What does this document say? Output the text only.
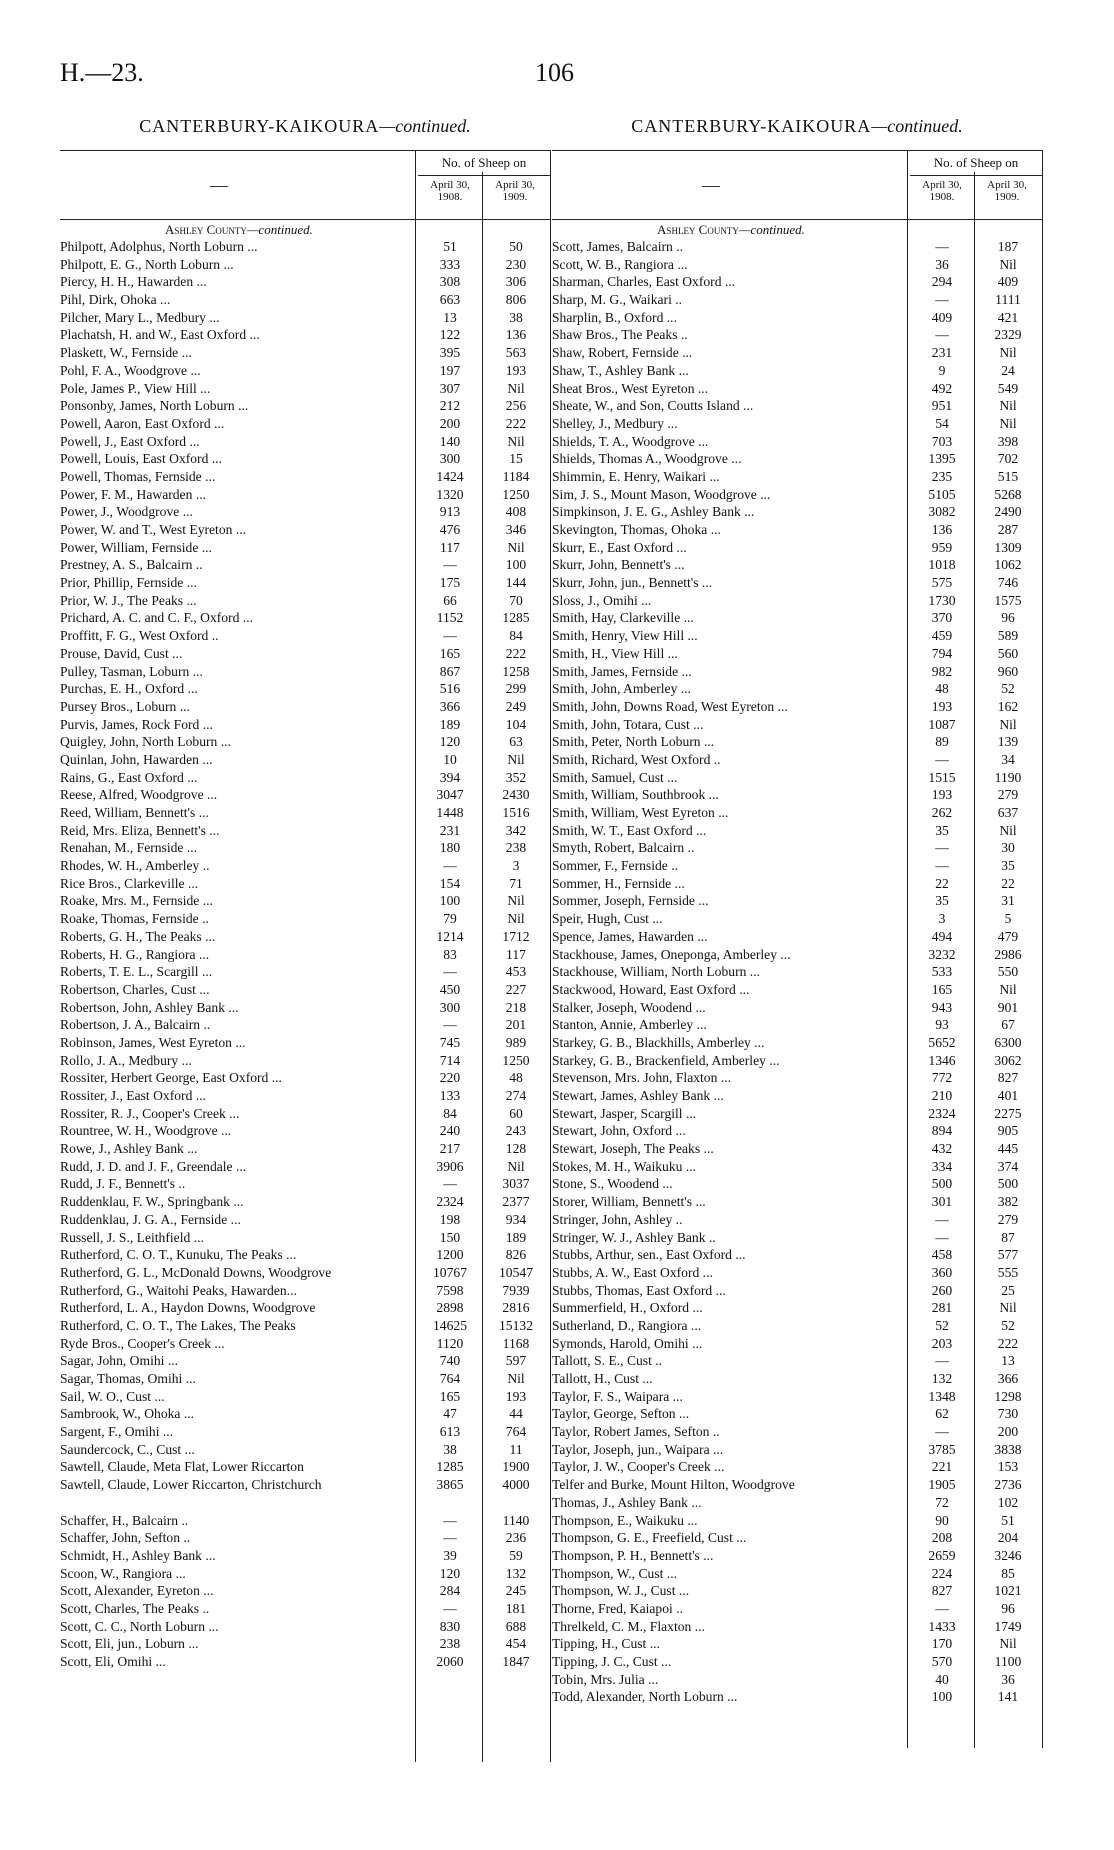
H.—23.	106
CANTERBURY-KAIKOURA—continued.
—
No. of Sheep on
April 30, 1908.
April 30, 1909.
Ashley County—continued.
Philpott, Adolphus, North Loburn ...	51	50
Philpott, E. G., North Loburn ...	333	230
Piercy, H. H., Hawarden ...	308	306
Pihl, Dirk, Ohoka ...	663	806
Pilcher, Mary L., Medbury ...	13	38
Plachatsh, H. and W., East Oxford ...	122	136
Plaskett, W., Fernside ...	395	563
Pohl, F. A., Woodgrove ...	197	193
Pole, James P., View Hill ...	307	Nil
Ponsonby, James, North Loburn ...	212	256
Powell, Aaron, East Oxford ...	200	222
Powell, J., East Oxford ...	140	Nil
Powell, Louis, East Oxford ...	300	15
Powell, Thomas, Fernside ...	1424	1184
Power, F. M., Hawarden ...	1320	1250
Power, J., Woodgrove ...	913	408
Power, W. and T., West Eyreton ...	476	346
Power, William, Fernside ...	117	Nil
Prestney, A. S., Balcairn ..	—	100
Prior, Phillip, Fernside ...	175	144
Prior, W. J., The Peaks ...	66	70
Prichard, A. C. and C. F., Oxford ...	1152	1285
Proffitt, F. G., West Oxford ..	—	84
Prouse, David, Cust ...	165	222
Pulley, Tasman, Loburn ...	867	1258
Purchas, E. H., Oxford ...	516	299
Pursey Bros., Loburn ...	366	249
Purvis, James, Rock Ford ...	189	104
Quigley, John, North Loburn ...	120	63
Quinlan, John, Hawarden ...	10	Nil
Rains, G., East Oxford ...	394	352
Reese, Alfred, Woodgrove ...	3047	2430
Reed, William, Bennett's ...	1448	1516
Reid, Mrs. Eliza, Bennett's ...	231	342
Renahan, M., Fernside ...	180	238
Rhodes, W. H., Amberley ..	—	3
Rice Bros., Clarkeville ...	154	71
Roake, Mrs. M., Fernside ...	100	Nil
Roake, Thomas, Fernside ..	79	Nil
Roberts, G. H., The Peaks ...	1214	1712
Roberts, H. G., Rangiora ...	83	117
Roberts, T. E. L., Scargill ...	—	453
Robertson, Charles, Cust ...	450	227
Robertson, John, Ashley Bank ...	300	218
Robertson, J. A., Balcairn ..	—	201
Robinson, James, West Eyreton ...	745	989
Rollo, J. A., Medbury ...	714	1250
Rossiter, Herbert George, East Oxford ...	220	48
Rossiter, J., East Oxford ...	133	274
Rossiter, R. J., Cooper's Creek ...	84	60
Rountree, W. H., Woodgrove ...	240	243
Rowe, J., Ashley Bank ...	217	128
Rudd, J. D. and J. F., Greendale ...	3906	Nil
Rudd, J. F., Bennett's ..	—	3037
Ruddenklau, F. W., Springbank ...	2324	2377
Ruddenklau, J. G. A., Fernside ...	198	934
Russell, J. S., Leithfield ...	150	189
Rutherford, C. O. T., Kunuku, The Peaks ...	1200	826
Rutherford, G. L., McDonald Downs, Woodgrove	10767	10547
Rutherford, G., Waitohi Peaks, Hawarden...	7598	7939
Rutherford, L. A., Haydon Downs, Woodgrove	2898	2816
Rutherford, C. O. T., The Lakes, The Peaks	14625	15132
Ryde Bros., Cooper's Creek ...	1120	1168
Sagar, John, Omihi ...	740	597
Sagar, Thomas, Omihi ...	764	Nil
Sail, W. O., Cust ...	165	193
Sambrook, W., Ohoka ...	47	44
Sargent, F., Omihi ...	613	764
Saundercock, C., Cust ...	38	11
Sawtell, Claude, Meta Flat, Lower Riccarton	1285	1900
Sawtell, Claude, Lower Riccarton, Christchurch	3865	4000
Schaffer, H., Balcairn ..	—	1140
Schaffer, John, Sefton ..	—	236
Schmidt, H., Ashley Bank ...	39	59
Scoon, W., Rangiora ...	120	132
Scott, Alexander, Eyreton ...	284	245
Scott, Charles, The Peaks ..	—	181
Scott, C. C., North Loburn ...	830	688
Scott, Eli, jun., Loburn ...	238	454
Scott, Eli, Omihi ...	2060	1847
CANTERBURY-KAIKOURA—continued.
—
No. of Sheep on
April 30, 1908.
April 30, 1909.
Ashley County—continued.
Scott, James, Balcairn ..	—	187
Scott, W. B., Rangiora ...	36	Nil
Sharman, Charles, East Oxford ...	294	409
Sharp, M. G., Waikari ..	—	1111
Sharplin, B., Oxford ...	409	421
Shaw Bros., The Peaks ..	—	2329
Shaw, Robert, Fernside ...	231	Nil
Shaw, T., Ashley Bank ...	9	24
Sheat Bros., West Eyreton ...	492	549
Sheate, W., and Son, Coutts Island ...	951	Nil
Shelley, J., Medbury ...	54	Nil
Shields, T. A., Woodgrove ...	703	398
Shields, Thomas A., Woodgrove ...	1395	702
Shimmin, E. Henry, Waikari ...	235	515
Sim, J. S., Mount Mason, Woodgrove ...	5105	5268
Simpkinson, J. E. G., Ashley Bank ...	3082	2490
Skevington, Thomas, Ohoka ...	136	287
Skurr, E., East Oxford ...	959	1309
Skurr, John, Bennett's ...	1018	1062
Skurr, John, jun., Bennett's ...	575	746
Sloss, J., Omihi ...	1730	1575
Smith, Hay, Clarkeville ...	370	96
Smith, Henry, View Hill ...	459	589
Smith, H., View Hill ...	794	560
Smith, James, Fernside ...	982	960
Smith, John, Amberley ...	48	52
Smith, John, Downs Road, West Eyreton ...	193	162
Smith, John, Totara, Cust ...	1087	Nil
Smith, Peter, North Loburn ...	89	139
Smith, Richard, West Oxford ..	—	34
Smith, Samuel, Cust ...	1515	1190
Smith, William, Southbrook ...	193	279
Smith, William, West Eyreton ...	262	637
Smith, W. T., East Oxford ...	35	Nil
Smyth, Robert, Balcairn ..	—	30
Sommer, F., Fernside ..	—	35
Sommer, H., Fernside ...	22	22
Sommer, Joseph, Fernside ...	35	31
Speir, Hugh, Cust ...	3	5
Spence, James, Hawarden ...	494	479
Stackhouse, James, Oneponga, Amberley ...	3232	2986
Stackhouse, William, North Loburn ...	533	550
Stackwood, Howard, East Oxford ...	165	Nil
Stalker, Joseph, Woodend ...	943	901
Stanton, Annie, Amberley ...	93	67
Starkey, G. B., Blackhills, Amberley ...	5652	6300
Starkey, G. B., Brackenfield, Amberley ...	1346	3062
Stevenson, Mrs. John, Flaxton ...	772	827
Stewart, James, Ashley Bank ...	210	401
Stewart, Jasper, Scargill ...	2324	2275
Stewart, John, Oxford ...	894	905
Stewart, Joseph, The Peaks ...	432	445
Stokes, M. H., Waikuku ...	334	374
Stone, S., Woodend ...	500	500
Storer, William, Bennett's ...	301	382
Stringer, John, Ashley ..	—	279
Stringer, W. J., Ashley Bank ..	—	87
Stubbs, Arthur, sen., East Oxford ...	458	577
Stubbs, A. W., East Oxford ...	360	555
Stubbs, Thomas, East Oxford ...	260	25
Summerfield, H., Oxford ...	281	Nil
Sutherland, D., Rangiora ...	52	52
Symonds, Harold, Omihi ...	203	222
Tallott, S. E., Cust ..	—	13
Tallott, H., Cust ...	132	366
Taylor, F. S., Waipara ...	1348	1298
Taylor, George, Sefton ...	62	730
Taylor, Robert James, Sefton ..	—	200
Taylor, Joseph, jun., Waipara ...	3785	3838
Taylor, J. W., Cooper's Creek ...	221	153
Telfer and Burke, Mount Hilton, Woodgrove	1905	2736
Thomas, J., Ashley Bank ...	72	102
Thompson, E., Waikuku ...	90	51
Thompson, G. E., Freefield, Cust ...	208	204
Thompson, P. H., Bennett's ...	2659	3246
Thompson, W., Cust ...	224	85
Thompson, W. J., Cust ...	827	1021
Thorne, Fred, Kaiapoi ..	—	96
Threlkeld, C. M., Flaxton ...	1433	1749
Tipping, H., Cust ...	170	Nil
Tipping, J. C., Cust ...	570	1100
Tobin, Mrs. Julia ...	40	36
Todd, Alexander, North Loburn ...	100	141
